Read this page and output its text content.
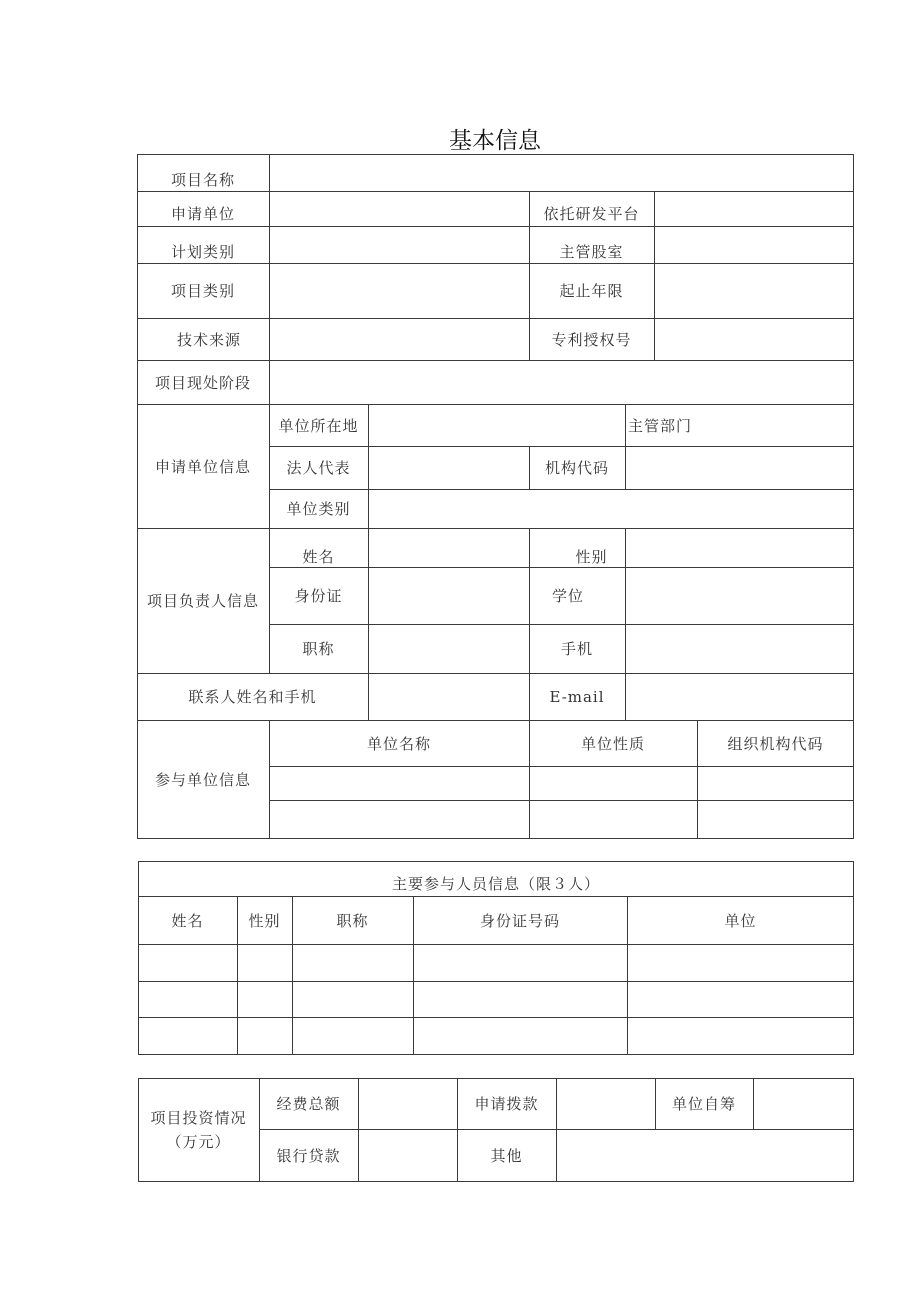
基本信息
项目名称
申请单位	依托研发平台
计划类别	主管股室
项目类别	起止年限
技术来源	专利授权号
项目现处阶段
申请单位信息
单位所在地	主管部门
法人代表	机构代码
单位类别
项目负责人信息
姓名	性别
身份证	学位
职称	手机
联系人姓名和手机	E-mail
参与单位信息
单位名称	单位性质	组织机构代码
主要参与人员信息（限３人）
姓名	性别	职称	身份证号码	单位
项目投资情况
（万元）
经费总额	申请拨款	单位自筹
银行贷款	其他
